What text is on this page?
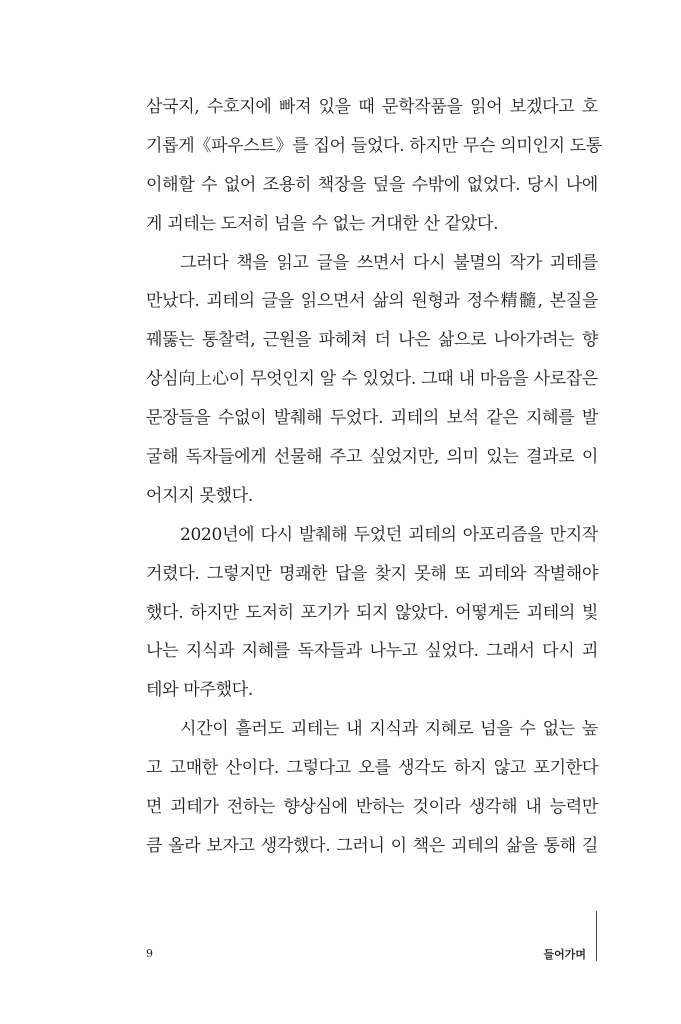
삼국지, 수호지에 빠져 있을 때 문학작품을 읽어 보겠다고 호
기롭게《파우스트》를 집어 들었다. 하지만 무슨 의미인지 도통
이해할 수 없어 조용히 책장을 덮을 수밖에 없었다. 당시 나에
게 괴테는 도저히 넘을 수 없는 거대한 산 같았다.
그러다 책을 읽고 글을 쓰면서 다시 불멸의 작가 괴테를
만났다. 괴테의 글을 읽으면서 삶의 원형과 정수精髓, 본질을
꿰뚫는 통찰력, 근원을 파헤쳐 더 나은 삶으로 나아가려는 향
상심向上心이 무엇인지 알 수 있었다. 그때 내 마음을 사로잡은
문장들을 수없이 발췌해 두었다. 괴테의 보석 같은 지혜를 발
굴해 독자들에게 선물해 주고 싶었지만, 의미 있는 결과로 이
어지지 못했다.
2020년에 다시 발췌해 두었던 괴테의 아포리즘을 만지작
거렸다. 그렇지만 명쾌한 답을 찾지 못해 또 괴테와 작별해야
했다. 하지만 도저히 포기가 되지 않았다. 어떻게든 괴테의 빛
나는 지식과 지혜를 독자들과 나누고 싶었다. 그래서 다시 괴
테와 마주했다.
시간이 흘러도 괴테는 내 지식과 지혜로 넘을 수 없는 높
고 고매한 산이다. 그렇다고 오를 생각도 하지 않고 포기한다
면 괴테가 전하는 향상심에 반하는 것이라 생각해 내 능력만
큼 올라 보자고 생각했다. 그러니 이 책은 괴테의 삶을 통해 길
9	들어가며
